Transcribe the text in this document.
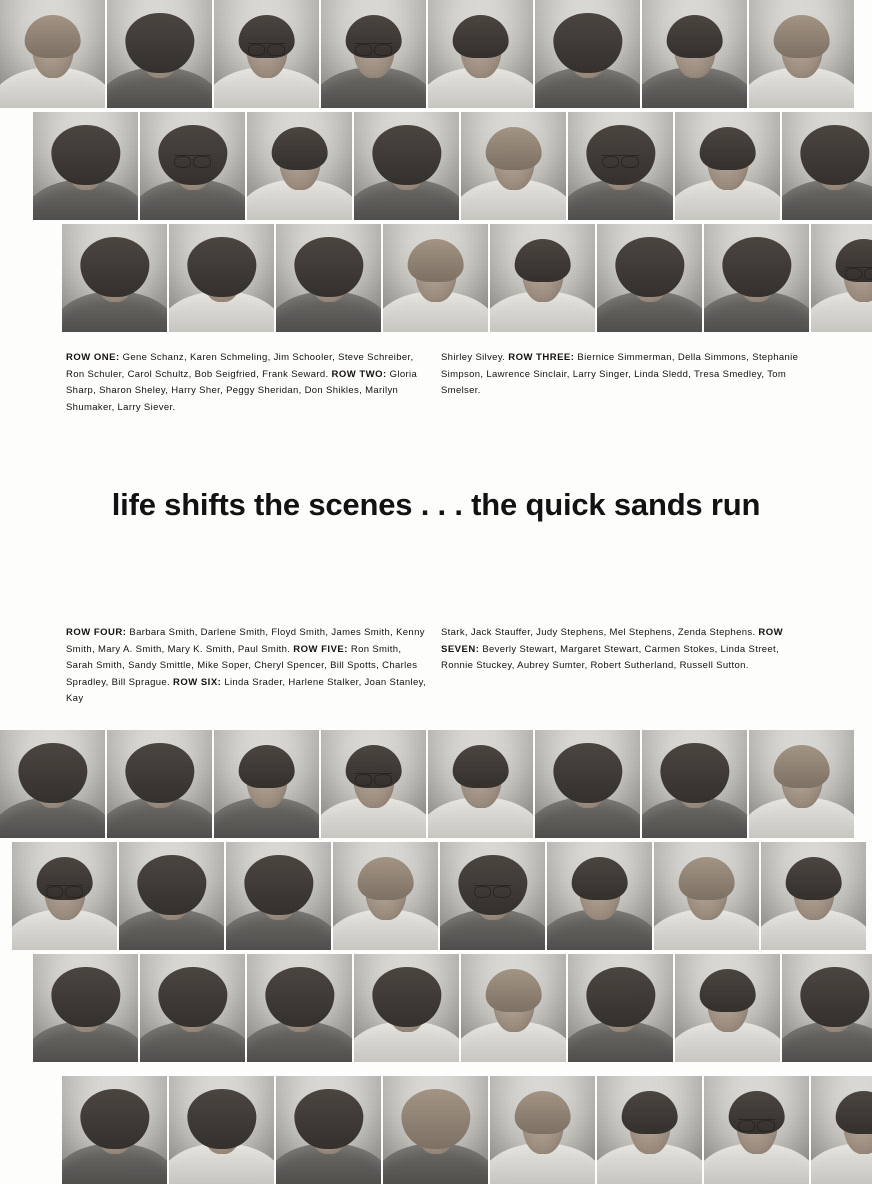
ROW ONE: Gene Schanz, Karen Schmeling, Jim Schooler, Steve Schreiber, Ron Schuler, Carol Schultz, Bob Seigfried, Frank Seward. ROW TWO: Gloria Sharp, Sharon Sheley, Harry Sher, Peggy Sheridan, Don Shikles, Marilyn Shumaker, Larry Siever.
Shirley Silvey. ROW THREE: Biernice Simmerman, Della Simmons, Stephanie Simpson, Lawrence Sinclair, Larry Singer, Linda Sledd, Tresa Smedley, Tom Smelser.
life shifts the scenes . . . the quick sands run
ROW FOUR: Barbara Smith, Darlene Smith, Floyd Smith, James Smith, Kenny Smith, Mary A. Smith, Mary K. Smith, Paul Smith. ROW FIVE: Ron Smith, Sarah Smith, Sandy Smittle, Mike Soper, Cheryl Spencer, Bill Spotts, Charles Spradley, Bill Sprague. ROW SIX: Linda Srader, Harlene Stalker, Joan Stanley, Kay
Stark, Jack Stauffer, Judy Stephens, Mel Stephens, Zenda Stephens. ROW SEVEN: Beverly Stewart, Margaret Stewart, Carmen Stokes, Linda Street, Ronnie Stuckey, Aubrey Sumter, Robert Sutherland, Russell Sutton.
